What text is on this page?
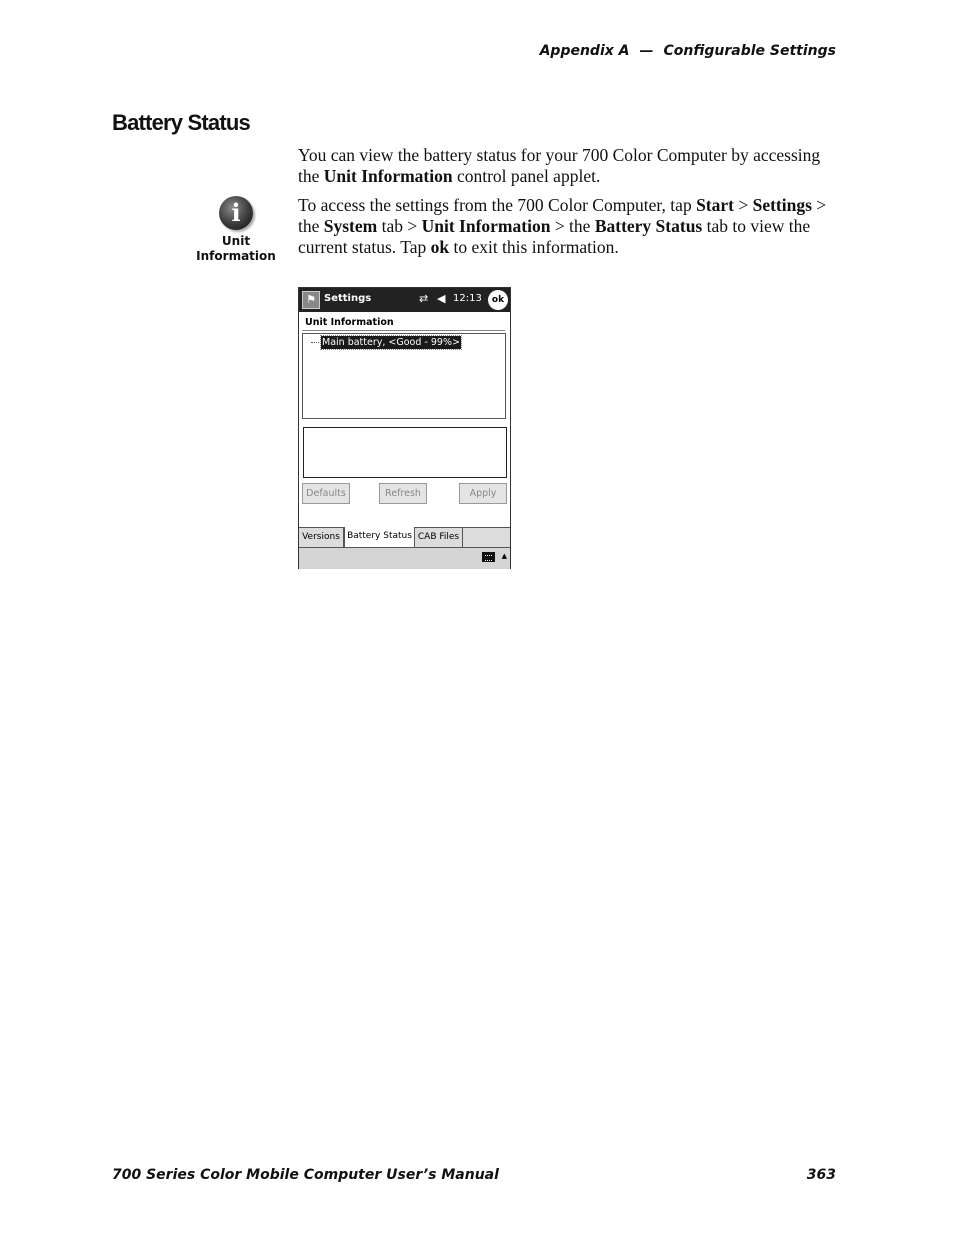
Appendix A — Configurable Settings
Battery Status

You can view the battery status for your 700 Color Computer by accessing the Unit Information control panel applet.

To access the settings from the 700 Color Computer, tap Start > Settings > the System tab > Unit Information > the Battery Status tab to view the current status. Tap ok to exit this information.

i
Unit
Information
⚑ Settings	⇄ ◀ 12:13	ok
Unit Information
Main battery, <Good - 99%>
Defaults	Refresh	Apply
Versions Battery Status CAB Files
▲
700 Series Color Mobile Computer User’s Manual	363
